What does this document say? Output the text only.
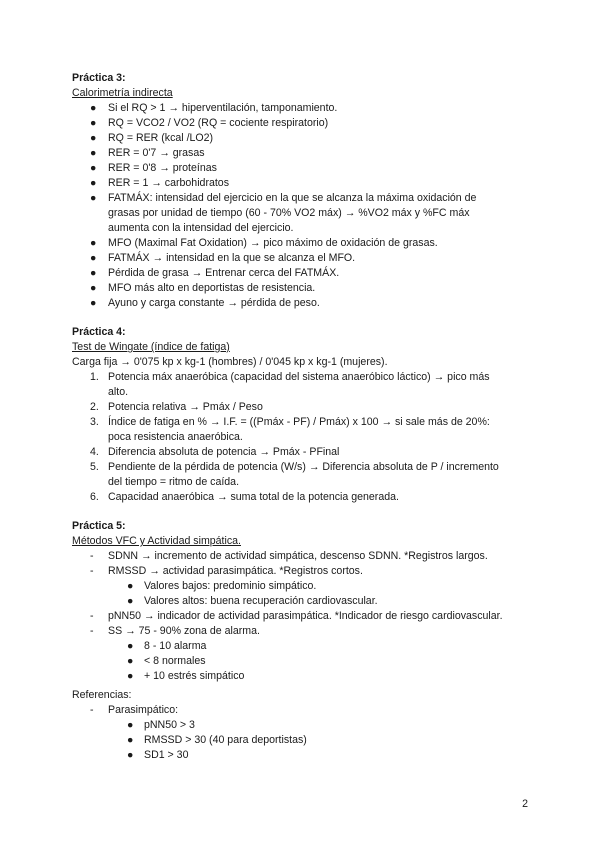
Práctica 3:
Calorimetría indirecta
● Si el RQ > 1 → hiperventilación, tamponamiento.
● RQ = VCO2 / VO2 (RQ = cociente respiratorio)
● RQ = RER (kcal /LO2)
● RER = 0'7 → grasas
● RER = 0'8 → proteínas
● RER = 1 → carbohidratos
● FATMÁX: intensidad del ejercicio en la que se alcanza la máxima oxidación de
grasas por unidad de tiempo (60 - 70% VO2 máx) → %VO2 máx y %FC máx
aumenta con la intensidad del ejercicio.
● MFO (Maximal Fat Oxidation) → pico máximo de oxidación de grasas.
● FATMÁX → intensidad en la que se alcanza el MFO.
● Pérdida de grasa → Entrenar cerca del FATMÁX.
● MFO más alto en deportistas de resistencia.
● Ayuno y carga constante → pérdida de peso.
Práctica 4:
Test de Wingate (índice de fatiga)
Carga fija → 0'075 kp x kg-1 (hombres) / 0'045 kp x kg-1 (mujeres).
1. Potencia máx anaeróbica (capacidad del sistema anaeróbico láctico) → pico más
alto.
2. Potencia relativa → Pmáx / Peso
3. Índice de fatiga en % → I.F. = ((Pmáx - PF) / Pmáx) x 100 → si sale más de 20%:
poca resistencia anaeróbica.
4. Diferencia absoluta de potencia → Pmáx - PFinal
5. Pendiente de la pérdida de potencia (W/s) → Diferencia absoluta de P / incremento
del tiempo = ritmo de caída.
6. Capacidad anaeróbica → suma total de la potencia generada.
Práctica 5:
Métodos VFC y Actividad simpática.
- SDNN → incremento de actividad simpática, descenso SDNN. *Registros largos.
- RMSSD → actividad parasimpática. *Registros cortos.
● Valores bajos: predominio simpático.
● Valores altos: buena recuperación cardiovascular.
- pNN50 → indicador de actividad parasimpática. *Indicador de riesgo cardiovascular.
- SS → 75 - 90% zona de alarma.
● 8 - 10 alarma
● < 8 normales
● + 10 estrés simpático
Referencias:
- Parasimpático:
● pNN50 > 3
● RMSSD > 30 (40 para deportistas)
● SD1 > 30
2
